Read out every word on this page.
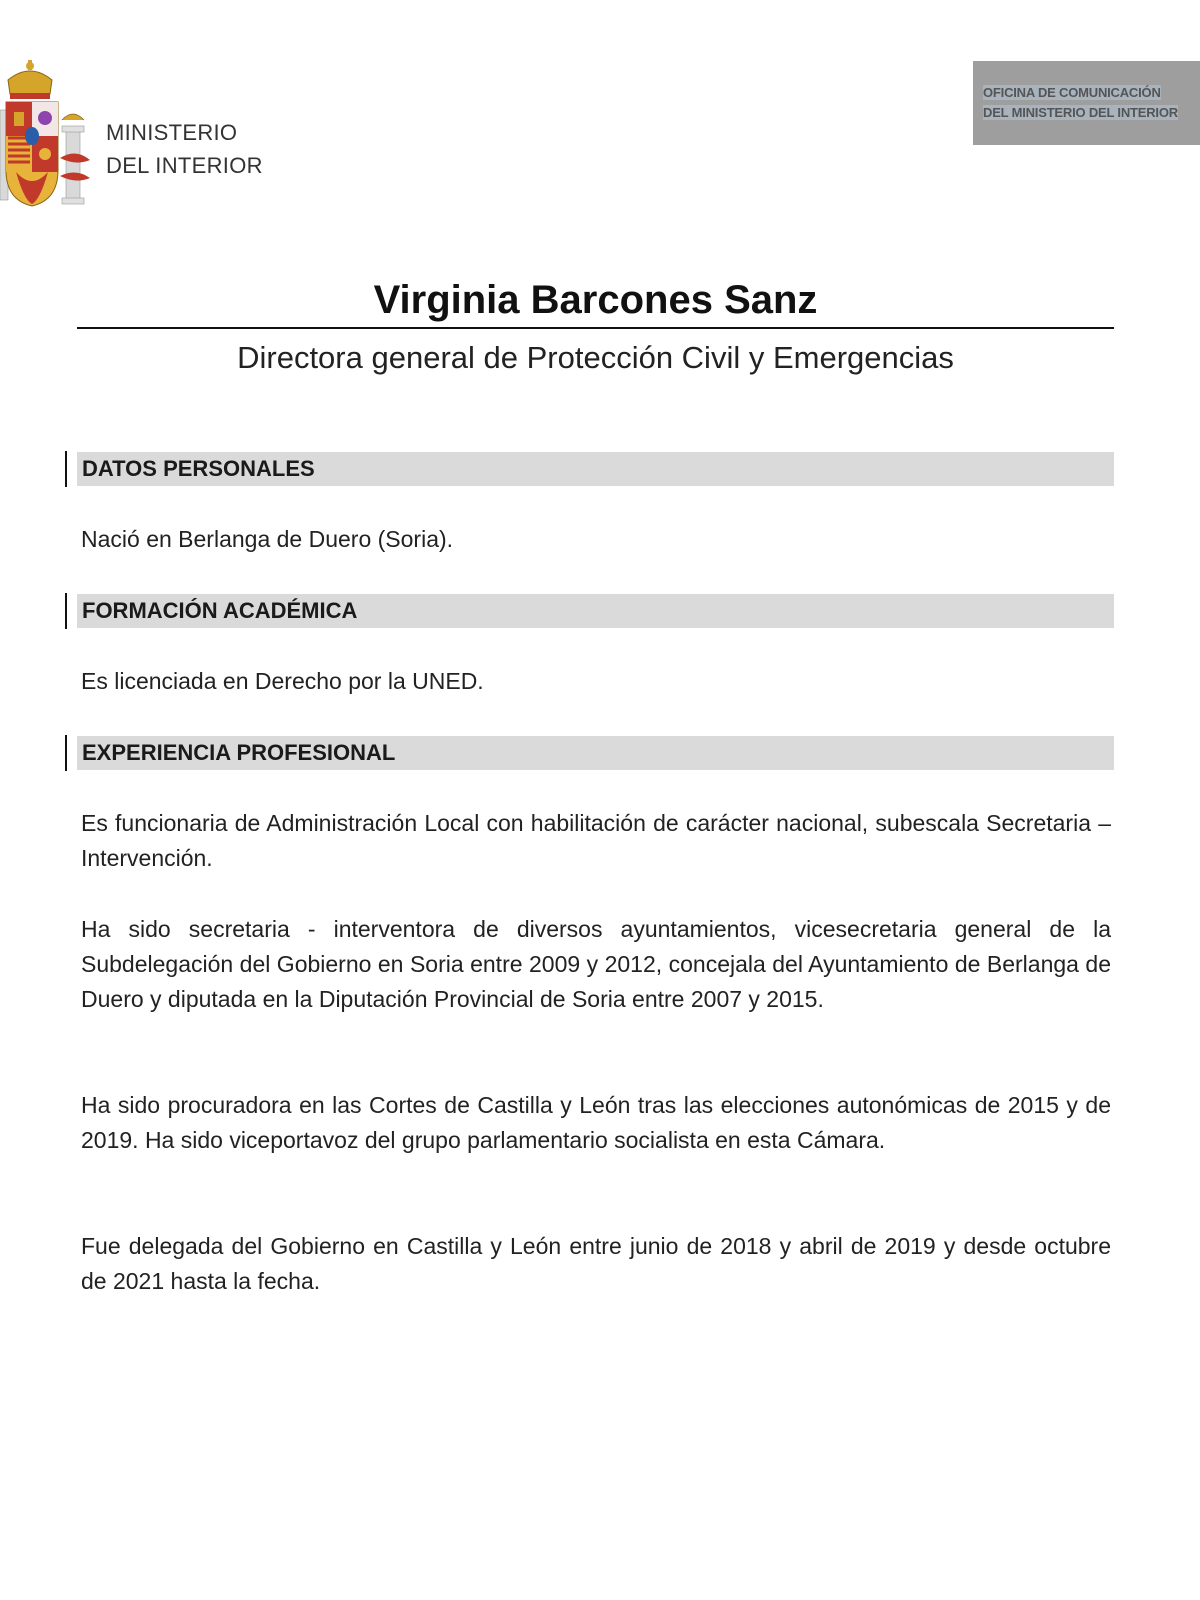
MINISTERIO
DEL INTERIOR
OFICINA DE COMUNICACIÓN
DEL MINISTERIO DEL INTERIOR
Virginia Barcones Sanz
Directora general de Protección Civil y Emergencias
DATOS PERSONALES
Nació en Berlanga de Duero (Soria).
FORMACIÓN ACADÉMICA
Es licenciada en Derecho por la UNED.
EXPERIENCIA PROFESIONAL
Es funcionaria de Administración Local con habilitación de carácter nacional, subescala Secretaria – Intervención.
Ha sido secretaria - interventora de diversos ayuntamientos, vicesecretaria general de la Subdelegación del Gobierno en Soria entre 2009 y 2012, concejala del Ayuntamiento de Berlanga de Duero y diputada en la Diputación Provincial de Soria entre 2007 y 2015.
Ha sido procuradora en las Cortes de Castilla y León tras las elecciones autonómicas de 2015 y de 2019. Ha sido viceportavoz del grupo parlamentario socialista en esta Cámara.
Fue delegada del Gobierno en Castilla y León entre junio de 2018 y abril de 2019 y desde octubre de 2021 hasta la fecha.
